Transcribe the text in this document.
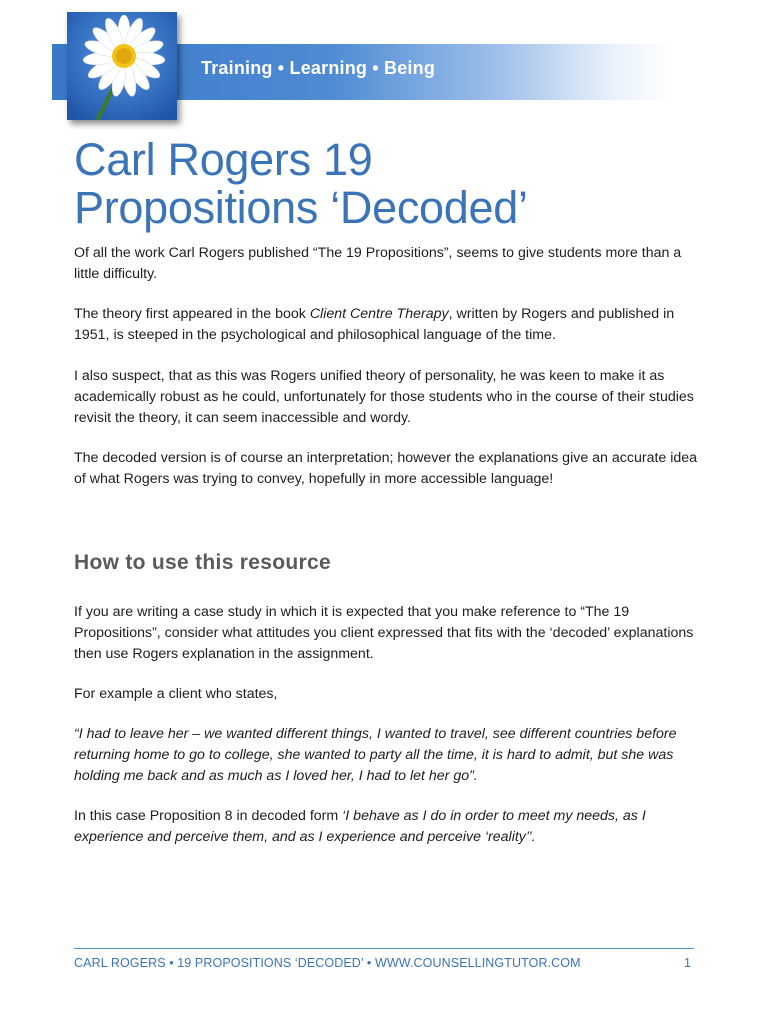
Training • Learning • Being
Carl Rogers 19
Propositions ‘Decoded’

Of all the work Carl Rogers published “The 19 Propositions”, seems to give students more than a little difficulty.

The theory first appeared in the book Client Centre Therapy, written by Rogers and published in 1951, is steeped in the psychological and philosophical language of the time.

I also suspect, that as this was Rogers unified theory of personality, he was keen to make it as academically robust as he could, unfortunately for those students who in the course of their studies revisit the theory, it can seem inaccessible and wordy.

The decoded version is of course an interpretation; however the explanations give an accurate idea of what Rogers was trying to convey, hopefully in more accessible language!

How to use this resource

If you are writing a case study in which it is expected that you make reference to “The 19 Propositions”, consider what attitudes you client expressed that fits with the ‘decoded’ explanations then use Rogers explanation in the assignment.

For example a client who states,

“I had to leave her – we wanted different things, I wanted to travel, see different countries before returning home to go to college, she wanted to party all the time, it is hard to admit, but she was holding me back and as much as I loved her, I had to let her go”.

In this case Proposition 8 in decoded form ‘I behave as I do in order to meet my needs, as I experience and perceive them, and as I experience and perceive ‘reality’’.

CARL ROGERS • 19 PROPOSITIONS ‘DECODED’ • WWW.COUNSELLINGTUTOR.COM	1
